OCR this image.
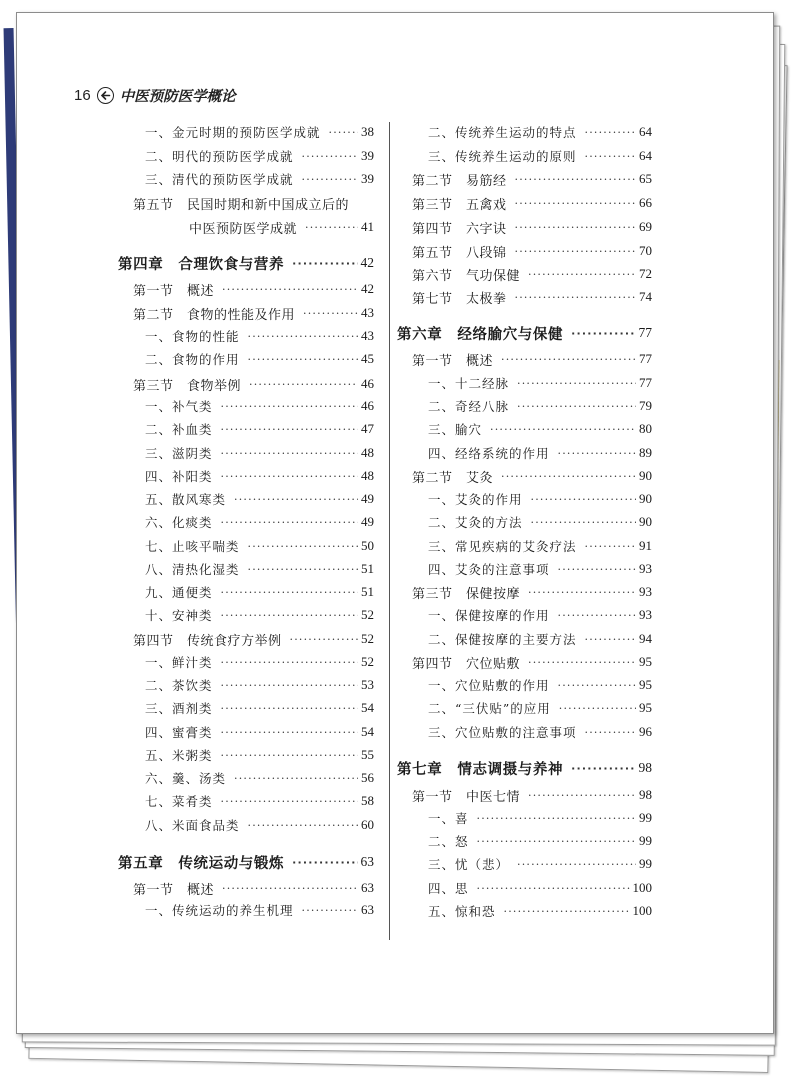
16 中医预防医学概论
一、金元时期的预防医学成就 ·····	38
二、明代的预防医学成就 ·····	39
三、清代的预防医学成就 ·····	39
第五节　民国时期和新中国成立后的
中医预防医学成就 ·····	41
第四章　合理饮食与营养 ·····	42
第一节　概述 ·····	42
第二节　食物的性能及作用 ·····	43
一、食物的性能 ·····	43
二、食物的作用 ·····	45
第三节　食物举例 ·····	46
一、补气类 ·····	46
二、补血类 ·····	47
三、滋阴类 ·····	48
四、补阳类 ·····	48
五、散风寒类 ·····	49
六、化痰类 ·····	49
七、止咳平喘类 ·····	50
八、清热化湿类 ·····	51
九、通便类 ·····	51
十、安神类 ·····	52
第四节　传统食疗方举例 ·····	52
一、鲜汁类 ·····	52
二、茶饮类 ·····	53
三、酒剂类 ·····	54
四、蜜膏类 ·····	54
五、米粥类 ·····	55
六、羹、汤类 ·····	56
七、菜肴类 ·····	58
八、米面食品类 ·····	60
第五章　传统运动与锻炼 ·····	63
第一节　概述 ·····	63
一、传统运动的养生机理 ·····	63
二、传统养生运动的特点 ·····	64
三、传统养生运动的原则 ·····	64
第二节　易筋经 ·····	65
第三节　五禽戏 ·····	66
第四节　六字诀 ·····	69
第五节　八段锦 ·····	70
第六节　气功保健 ·····	72
第七节　太极拳 ·····	74
第六章　经络腧穴与保健 ·····	77
第一节　概述 ·····	77
一、十二经脉 ·····	77
二、奇经八脉 ·····	79
三、腧穴 ·····	80
四、经络系统的作用 ·····	89
第二节　艾灸 ·····	90
一、艾灸的作用 ·····	90
二、艾灸的方法 ·····	90
三、常见疾病的艾灸疗法 ·····	91
四、艾灸的注意事项 ·····	93
第三节　保健按摩 ·····	93
一、保健按摩的作用 ·····	93
二、保健按摩的主要方法 ·····	94
第四节　穴位贴敷 ·····	95
一、穴位贴敷的作用 ·····	95
二、“三伏贴”的应用 ·····	95
三、穴位贴敷的注意事项 ·····	96
第七章　情志调摄与养神 ·····	98
第一节　中医七情 ·····	98
一、喜 ·····	99
二、怒 ·····	99
三、忧（悲） ·····	99
四、思 ·····	100
五、惊和恐 ·····	100
